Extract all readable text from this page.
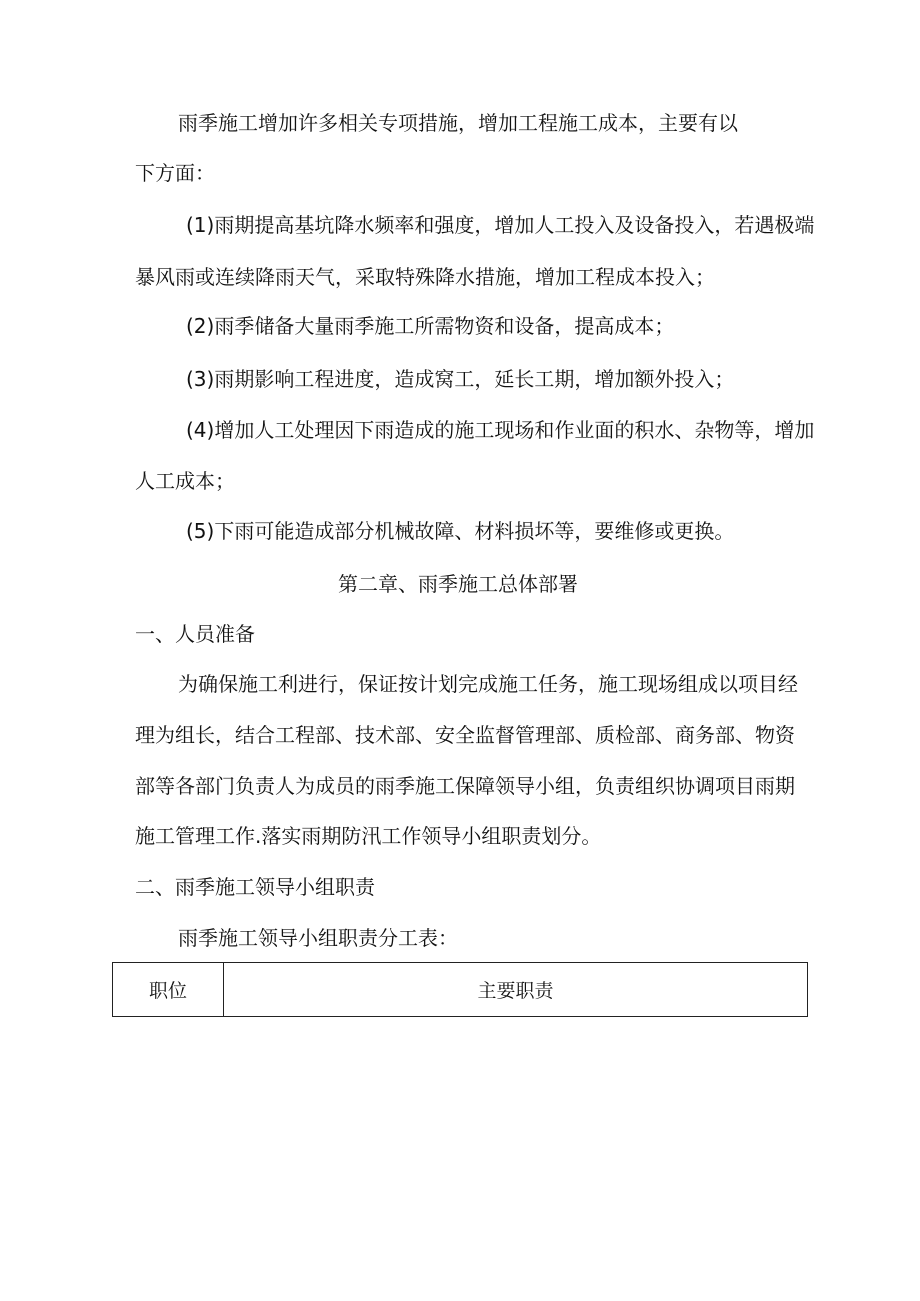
雨季施工增加许多相关专项措施，增加工程施工成本，主要有以
下方面：
(1)雨期提高基坑降水频率和强度，增加人工投入及设备投入，若遇极端
暴风雨或连续降雨天气，采取特殊降水措施，增加工程成本投入；
(2)雨季储备大量雨季施工所需物资和设备，提高成本；
(3)雨期影响工程进度，造成窝工，延长工期，增加额外投入；
(4)增加人工处理因下雨造成的施工现场和作业面的积水、杂物等，增加
人工成本；
(5)下雨可能造成部分机械故障、材料损坏等，要维修或更换。
第二章、雨季施工总体部署
一、人员准备
为确保施工利进行，保证按计划完成施工任务，施工现场组成以项目经
理为组长，结合工程部、技术部、安全监督管理部、质检部、商务部、物资
部等各部门负责人为成员的雨季施工保障领导小组，负责组织协调项目雨期
施工管理工作.落实雨期防汛工作领导小组职责划分。
二、雨季施工领导小组职责
雨季施工领导小组职责分工表：
职位	主要职责
